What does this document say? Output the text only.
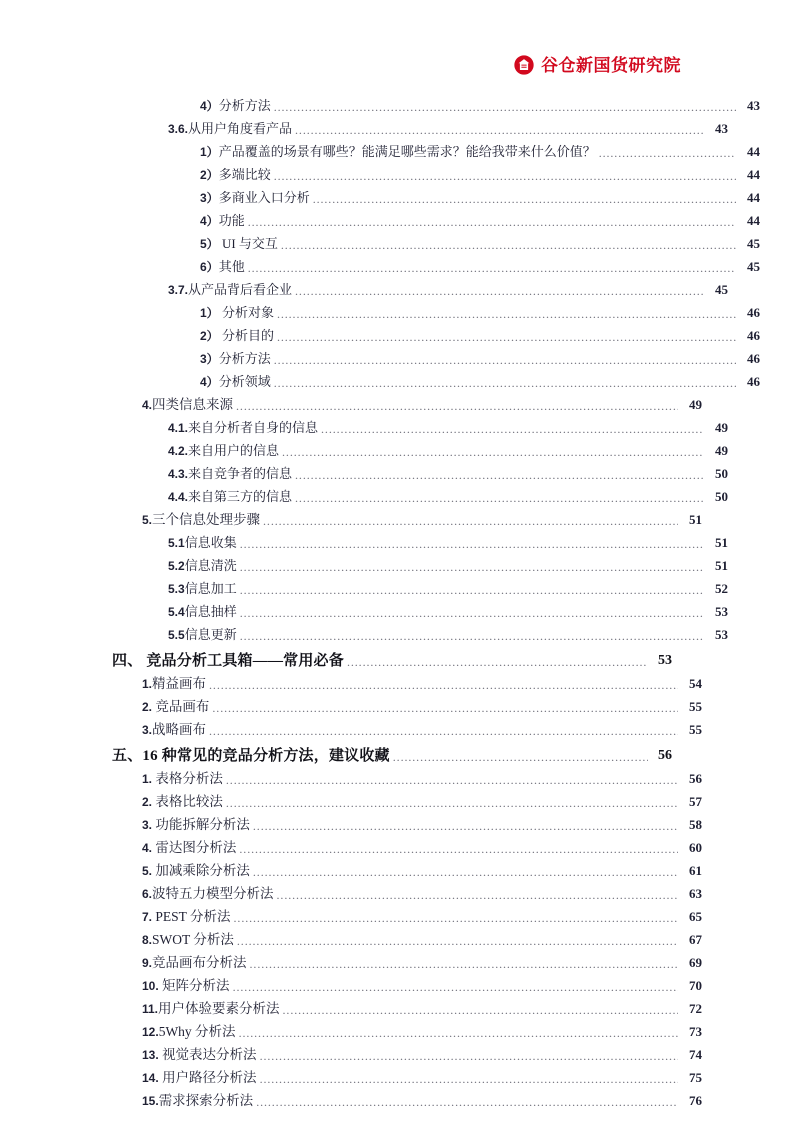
谷仓新国货研究院
4）分析方法 .....	43
3.6.从用户角度看产品 .....	43
1）产品覆盖的场景有哪些？能满足哪些需求？能给我带来什么价值？ .....	44
2）多端比较 .....	44
3）多商业入口分析 .....	44
4）功能 .....	44
5） UI 与交互 .....	45
6）其他 .....	45
3.7.从产品背后看企业 .....	45
1） 分析对象 .....	46
2） 分析目的 .....	46
3）分析方法 .....	46
4）分析领域 .....	46
4.四类信息来源 .....	49
4.1.来自分析者自身的信息 .....	49
4.2.来自用户的信息 .....	49
4.3.来自竞争者的信息 .....	50
4.4.来自第三方的信息 .....	50
5.三个信息处理步骤 .....	51
5.1信息收集 .....	51
5.2信息清洗 .....	51
5.3信息加工 .....	52
5.4信息抽样 .....	53
5.5信息更新 .....	53
四、 竞品分析工具箱——常用必备 .....	53
1.精益画布 .....	54
2. 竞品画布 .....	55
3.战略画布 .....	55
五、16 种常见的竞品分析方法，建议收藏 .....	56
1. 表格分析法 .....	56
2. 表格比较法 .....	57
3. 功能拆解分析法 .....	58
4. 雷达图分析法 .....	60
5. 加减乘除分析法 .....	61
6.波特五力模型分析法 .....	63
7. PEST 分析法 .....	65
8.SWOT 分析法 .....	67
9.竞品画布分析法 .....	69
10. 矩阵分析法 .....	70
11.用户体验要素分析法 .....	72
12.5Why 分析法 .....	73
13. 视觉表达分析法 .....	74
14. 用户路径分析法 .....	75
15.需求探索分析法 .....	76
